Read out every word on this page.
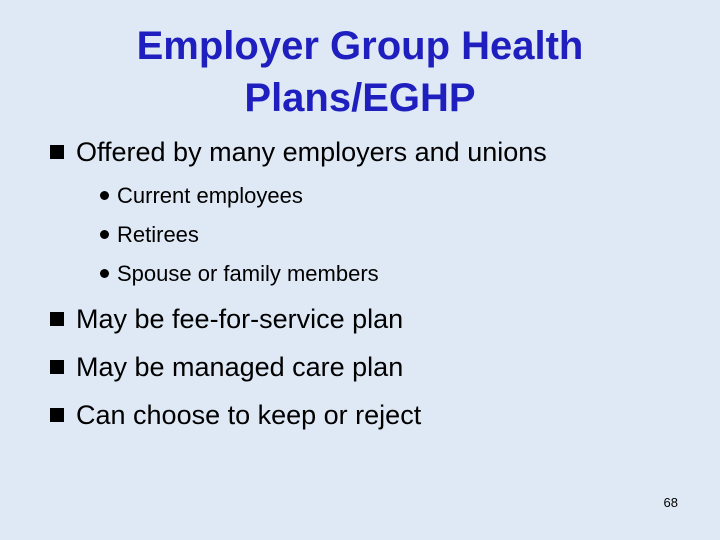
Employer Group Health
Plans/EGHP
Offered by many employers and unions
Current employees
Retirees
Spouse or family members
May be fee-for-service plan
May be managed care plan
Can choose to keep or reject
68
